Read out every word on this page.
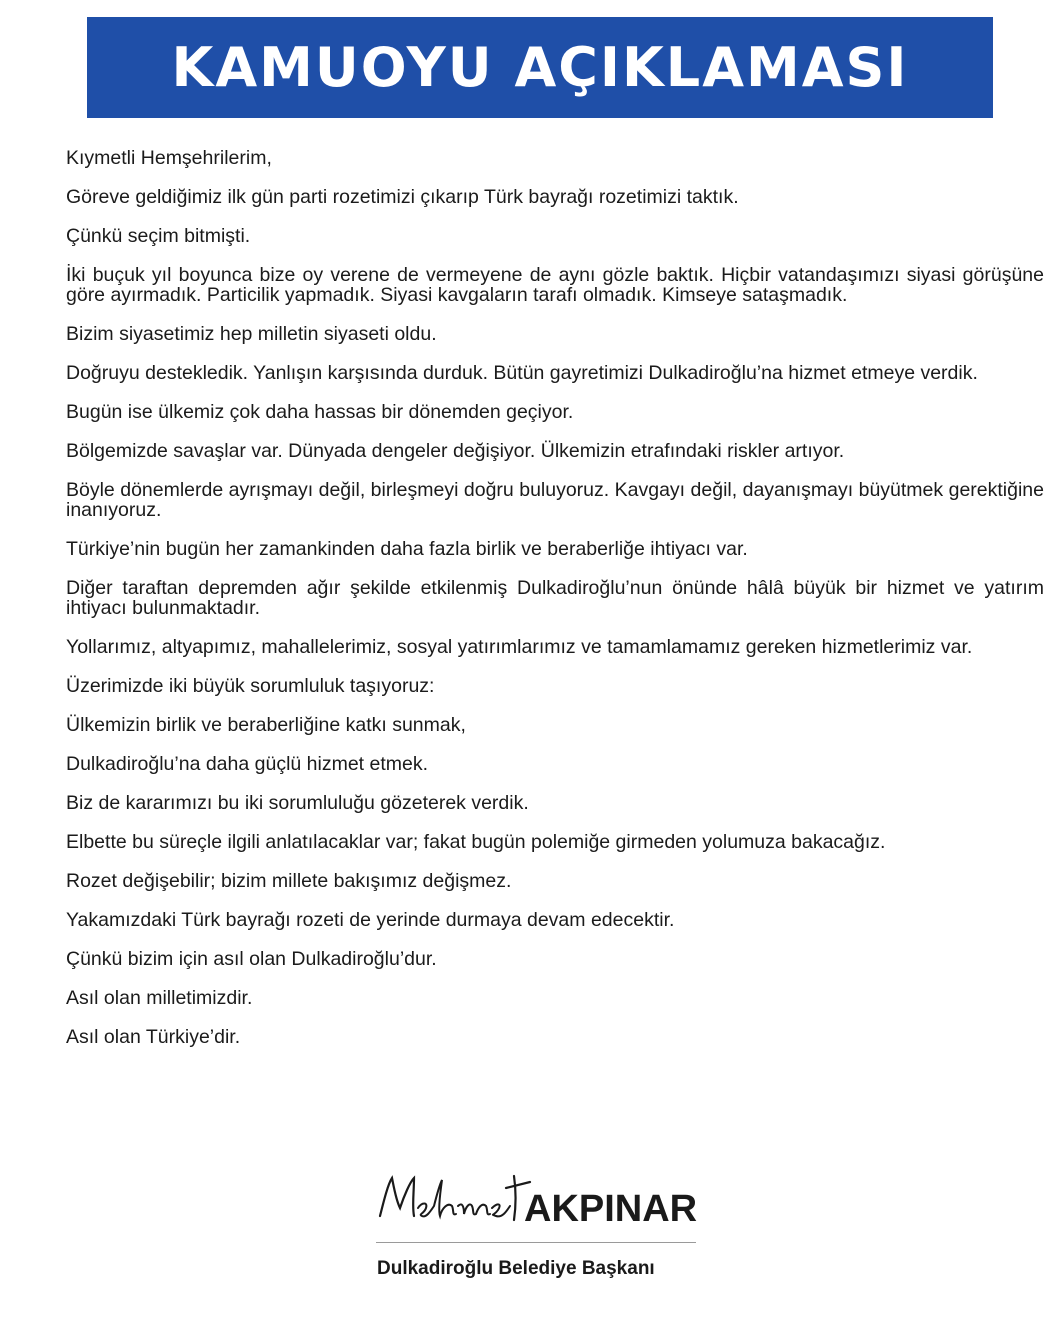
KAMUOYU AÇIKLAMASI

Kıymetli Hemşehrilerim,

Göreve geldiğimiz ilk gün parti rozetimizi çıkarıp Türk bayrağı rozetimizi taktık.

Çünkü seçim bitmişti.

İki buçuk yıl boyunca bize oy verene de vermeyene de aynı gözle baktık. Hiçbir vatandaşımızı siyasi görüşüne göre ayırmadık. Particilik yapmadık. Siyasi kavgaların tarafı olmadık. Kimseye sataşmadık.

Bizim siyasetimiz hep milletin siyaseti oldu.

Doğruyu destekledik. Yanlışın karşısında durduk. Bütün gayretimizi Dulkadiroğlu’na hizmet etmeye verdik.

Bugün ise ülkemiz çok daha hassas bir dönemden geçiyor.

Bölgemizde savaşlar var. Dünyada dengeler değişiyor. Ülkemizin etrafındaki riskler artıyor.

Böyle dönemlerde ayrışmayı değil, birleşmeyi doğru buluyoruz. Kavgayı değil, dayanışmayı büyütmek gerektiğine inanıyoruz.

Türkiye’nin bugün her zamankinden daha fazla birlik ve beraberliğe ihtiyacı var.

Diğer taraftan depremden ağır şekilde etkilenmiş Dulkadiroğlu’nun önünde hâlâ büyük bir hizmet ve yatırım ihtiyacı bulunmaktadır.

Yollarımız, altyapımız, mahallelerimiz, sosyal yatırımlarımız ve tamamlamamız gereken hizmetlerimiz var.

Üzerimizde iki büyük sorumluluk taşıyoruz:

Ülkemizin birlik ve beraberliğine katkı sunmak,

Dulkadiroğlu’na daha güçlü hizmet etmek.

Biz de kararımızı bu iki sorumluluğu gözeterek verdik.

Elbette bu süreçle ilgili anlatılacaklar var; fakat bugün polemiğe girmeden yolumuza bakacağız.

Rozet değişebilir; bizim millete bakışımız değişmez.

Yakamızdaki Türk bayrağı rozeti de yerinde durmaya devam edecektir.

Çünkü bizim için asıl olan Dulkadiroğlu’dur.

Asıl olan milletimizdir.

Asıl olan Türkiye’dir.

AKPINAR
Dulkadiroğlu Belediye Başkanı
